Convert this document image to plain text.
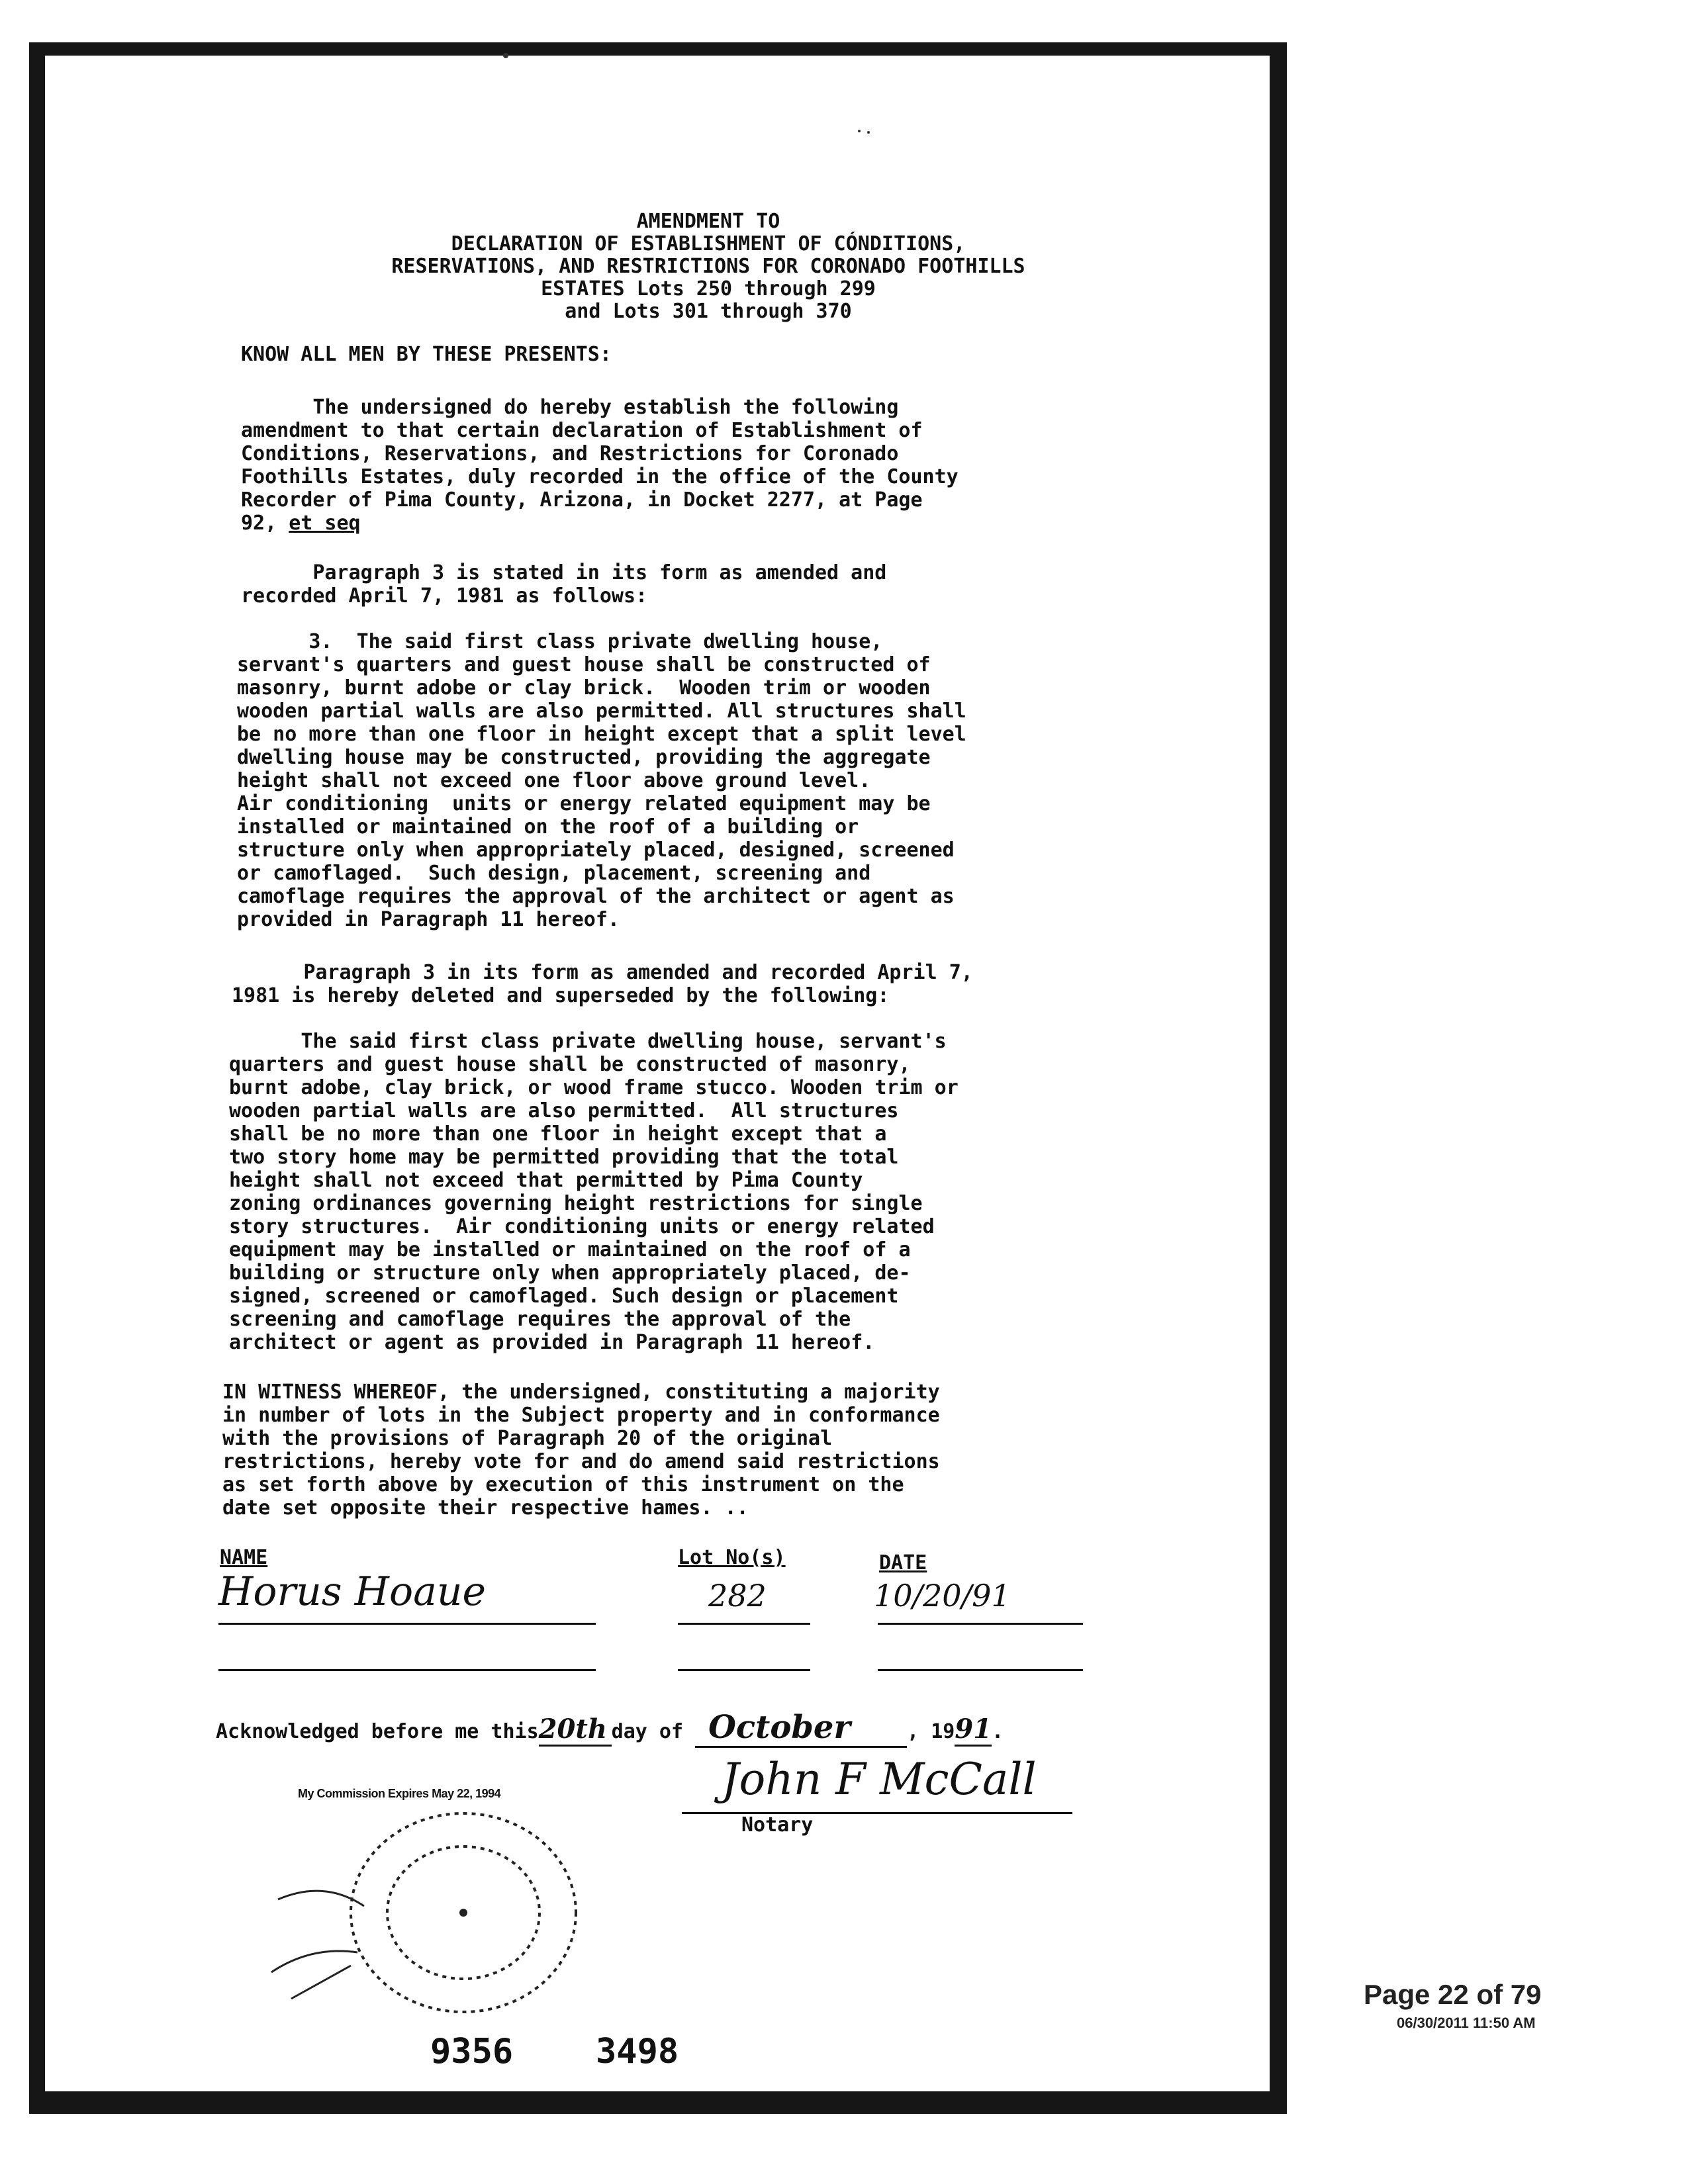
AMENDMENT TO
DECLARATION OF ESTABLISHMENT OF CÓNDITIONS,
RESERVATIONS, AND RESTRICTIONS FOR CORONADO FOOTHILLS
ESTATES Lots 250 through 299
and Lots 301 through 370
KNOW ALL MEN BY THESE PRESENTS:
The undersigned do hereby establish the following
amendment to that certain declaration of Establishment of
Conditions, Reservations, and Restrictions for Coronado
Foothills Estates, duly recorded in the office of the County
Recorder of Pima County, Arizona, in Docket 2277, at Page
92, et seq
Paragraph 3 is stated in its form as amended and
recorded April 7, 1981 as follows:
3.  The said first class private dwelling house,
servant's quarters and guest house shall be constructed of
masonry, burnt adobe or clay brick.  Wooden trim or wooden
wooden partial walls are also permitted. All structures shall
be no more than one floor in height except that a split level
dwelling house may be constructed, providing the aggregate
height shall not exceed one floor above ground level.
Air conditioning  units or energy related equipment may be
installed or maintained on the roof of a building or
structure only when appropriately placed, designed, screened
or camoflaged.  Such design, placement, screening and
camoflage requires the approval of the architect or agent as
provided in Paragraph 11 hereof.
Paragraph 3 in its form as amended and recorded April 7,
1981 is hereby deleted and superseded by the following:
The said first class private dwelling house, servant's
quarters and guest house shall be constructed of masonry,
burnt adobe, clay brick, or wood frame stucco. Wooden trim or
wooden partial walls are also permitted.  All structures
shall be no more than one floor in height except that a
two story home may be permitted providing that the total
height shall not exceed that permitted by Pima County
zoning ordinances governing height restrictions for single
story structures.  Air conditioning units or energy related
equipment may be installed or maintained on the roof of a
building or structure only when appropriately placed, de-
signed, screened or camoflaged. Such design or placement
screening and camoflage requires the approval of the
architect or agent as provided in Paragraph 11 hereof.
IN WITNESS WHEREOF, the undersigned, constituting a majority
in number of lots in the Subject property and in conformance
with the provisions of Paragraph 20 of the original
restrictions, hereby vote for and do amend said restrictions
as set forth above by execution of this instrument on the
date set opposite their respective hames. ..
NAME	Lot No(s)	DATE
Horus Hoaue	282	10/20/91
Acknowledged before me this20th day of October	, 1991.
John F McCall
Notary
My Commission Expires May 22, 1994
9356 3498
Page 22 of 79
06/30/2011 11:50 AM
